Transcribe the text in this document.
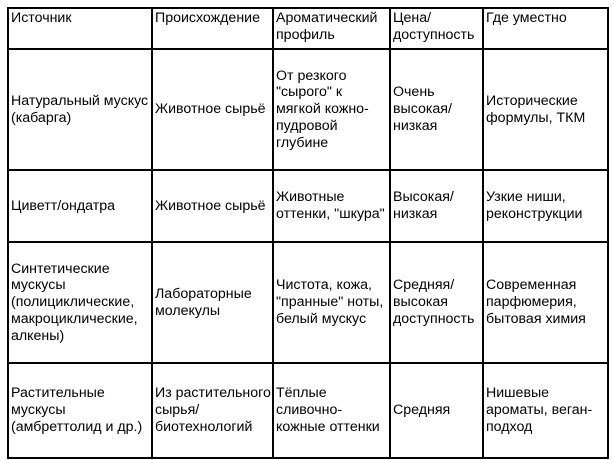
Источник	Происхождение	Ароматический профиль	Цена/ доступность	Где уместно
Натуральный мускус (кабарга)	Животное сырьё	От резкого "сырого" к мягкой кожно-пудровой глубине	Очень высокая/ низкая	Исторические формулы, ТКМ
Циветт/ондатра	Животное сырьё	Животные оттенки, "шкура"	Высокая/ низкая	Узкие ниши, реконструкции
Синтетические мускусы (полициклические, макроциклические, алкены)	Лабораторные молекулы	Чистота, кожа, "пранные" ноты, белый мускус	Средняя/ высокая доступность	Современная парфюмерия, бытовая химия
Растительные мускусы (амбреттолид и др.)	Из растительного сырья/ биотехнологий	Тёплые сливочно-кожные оттенки	Средняя	Нишевые ароматы, веган-подход
